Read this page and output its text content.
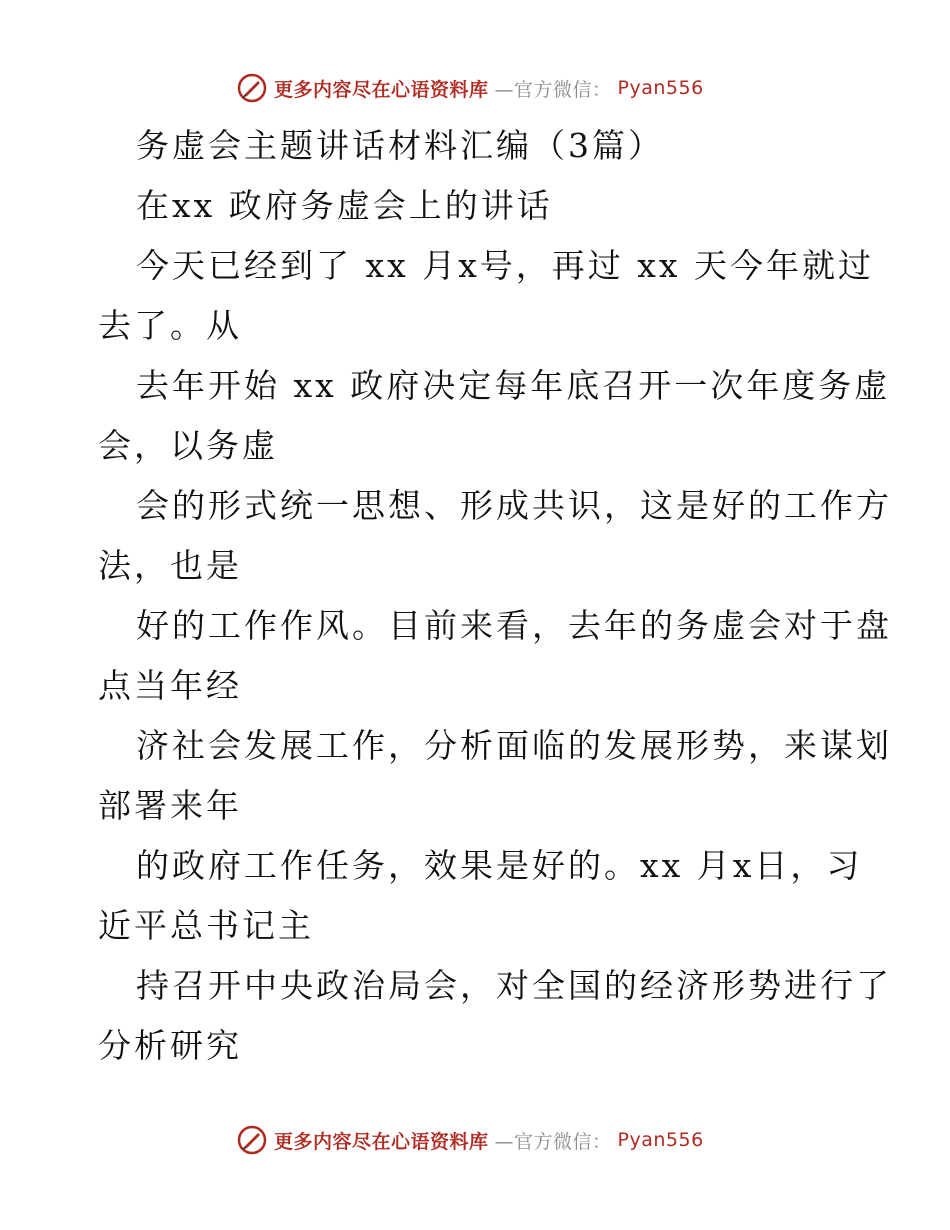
更多内容尽在心语资料库 —官方微信： Pyan556
务虚会主题讲话材料汇编（3篇）
在xx 政府务虚会上的讲话
今天已经到了 xx 月x号，再过 xx 天今年就过
去了。从
去年开始 xx 政府决定每年底召开一次年度务虚
会，以务虚
会的形式统一思想、形成共识，这是好的工作方
法，也是
好的工作作风。目前来看，去年的务虚会对于盘
点当年经
济社会发展工作，分析面临的发展形势，来谋划
部署来年
的政府工作任务，效果是好的。xx 月x日，习
近平总书记主
持召开中央政治局会，对全国的经济形势进行了
分析研究
更多内容尽在心语资料库 —官方微信： Pyan556
